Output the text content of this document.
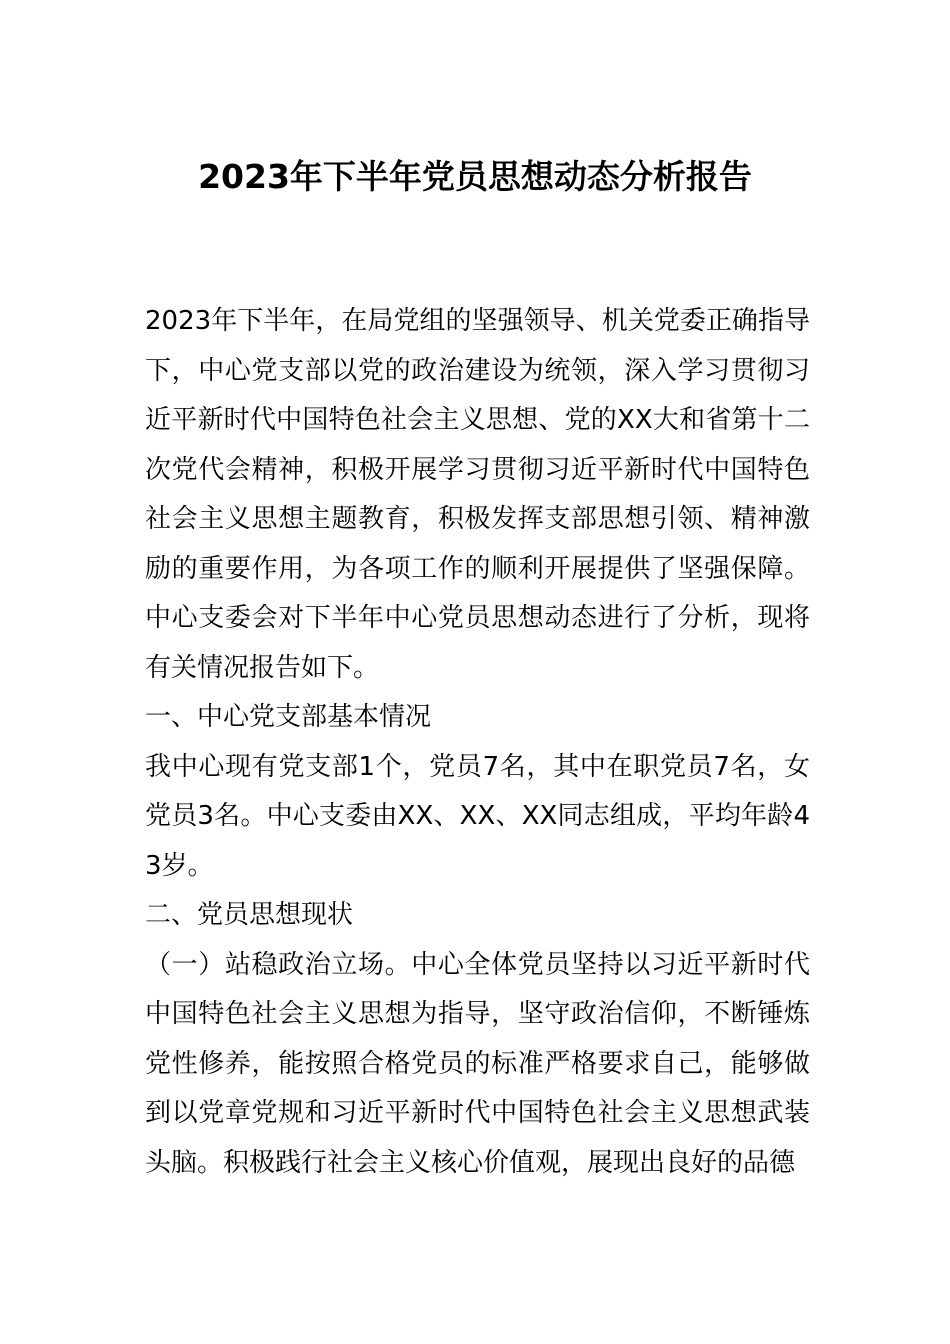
2023年下半年党员思想动态分析报告

2023年下半年，在局党组的坚强领导、机关党委正确指导下，中心党支部以党的政治建设为统领，深入学习贯彻习近平新时代中国特色社会主义思想、党的XX大和省第十二次党代会精神，积极开展学习贯彻习近平新时代中国特色社会主义思想主题教育，积极发挥支部思想引领、精神激励的重要作用，为各项工作的顺利开展提供了坚强保障。中心支委会对下半年中心党员思想动态进行了分析，现将有关情况报告如下。

一、中心党支部基本情况

我中心现有党支部1个，党员7名，其中在职党员7名，女党员3名。中心支委由XX、XX、XX同志组成，平均年龄43岁。

二、党员思想现状

（一）站稳政治立场。中心全体党员坚持以习近平新时代中国特色社会主义思想为指导，坚守政治信仰，不断锤炼党性修养，能按照合格党员的标准严格要求自己，能够做到以党章党规和习近平新时代中国特色社会主义思想武装头脑。积极践行社会主义核心价值观，展现出良好的品德
